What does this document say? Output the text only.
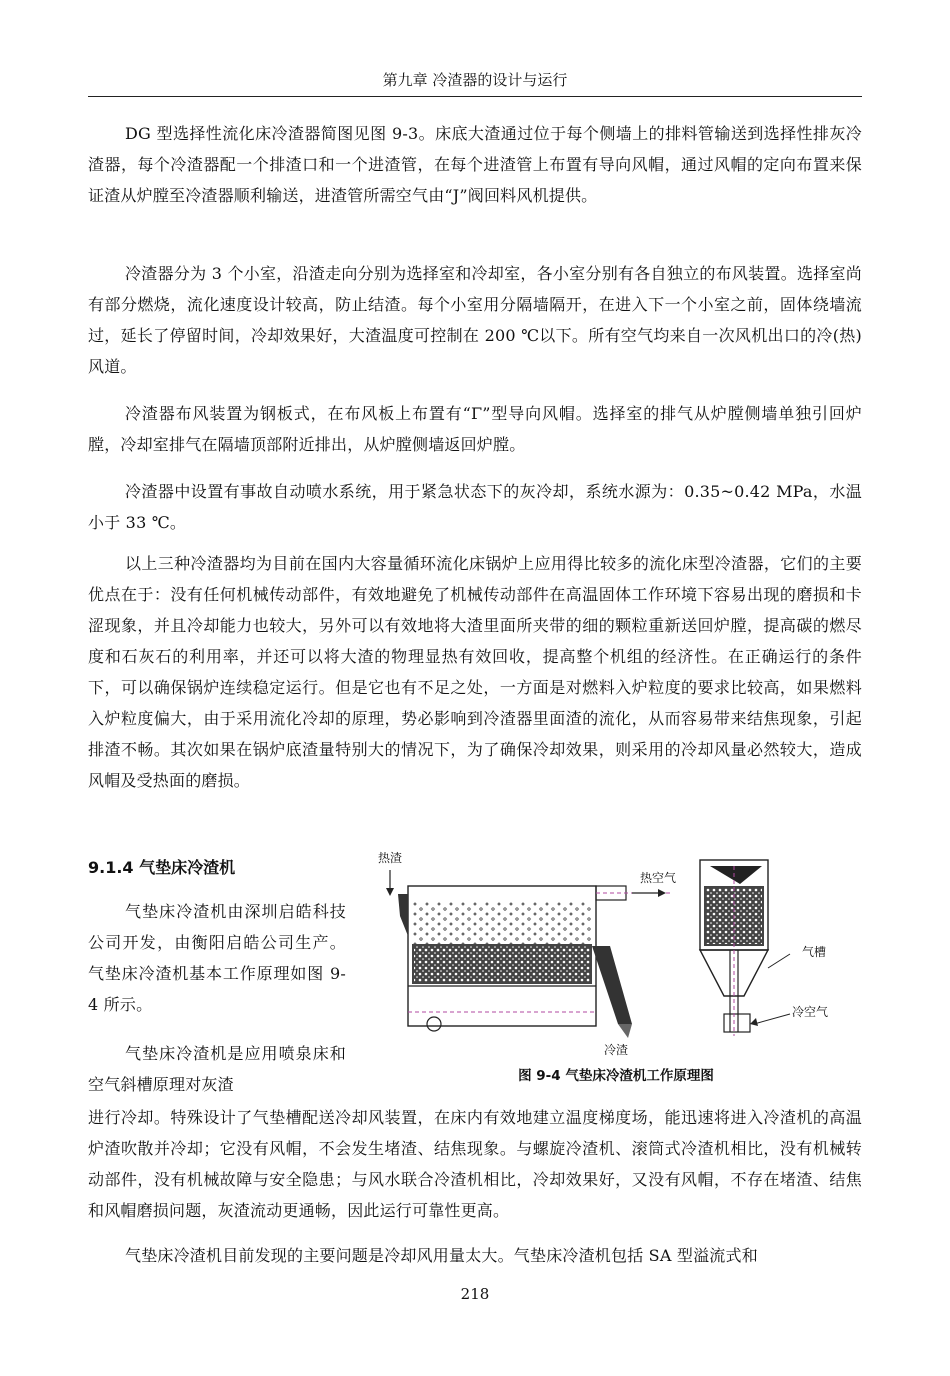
第九章 冷渣器的设计与运行

DG 型选择性流化床冷渣器简图见图 9-3。床底大渣通过位于每个侧墙上的排料管输送到选择性排灰冷渣器，每个冷渣器配一个排渣口和一个进渣管，在每个进渣管上布置有导向风帽，通过风帽的定向布置来保证渣从炉膛至冷渣器顺利输送，进渣管所需空气由“J”阀回料风机提供。

冷渣器分为 3 个小室，沿渣走向分别为选择室和冷却室，各小室分别有各自独立的布风装置。选择室尚有部分燃烧，流化速度设计较高，防止结渣。每个小室用分隔墙隔开，在进入下一个小室之前，固体绕墙流过，延长了停留时间，冷却效果好，大渣温度可控制在 200 ℃以下。所有空气均来自一次风机出口的冷(热)风道。

冷渣器布风装置为钢板式，在布风板上布置有“Γ”型导向风帽。选择室的排气从炉膛侧墙单独引回炉膛，冷却室排气在隔墙顶部附近排出，从炉膛侧墙返回炉膛。

冷渣器中设置有事故自动喷水系统，用于紧急状态下的灰冷却，系统水源为：0.35~0.42 MPa，水温小于 33 ℃。

以上三种冷渣器均为目前在国内大容量循环流化床锅炉上应用得比较多的流化床型冷渣器，它们的主要优点在于：没有任何机械传动部件，有效地避免了机械传动部件在高温固体工作环境下容易出现的磨损和卡涩现象，并且冷却能力也较大，另外可以有效地将大渣里面所夹带的细的颗粒重新送回炉膛，提高碳的燃尽度和石灰石的利用率，并还可以将大渣的物理显热有效回收，提高整个机组的经济性。在正确运行的条件下，可以确保锅炉连续稳定运行。但是它也有不足之处，一方面是对燃料入炉粒度的要求比较高，如果燃料入炉粒度偏大，由于采用流化冷却的原理，势必影响到冷渣器里面渣的流化，从而容易带来结焦现象，引起排渣不畅。其次如果在锅炉底渣量特别大的情况下，为了确保冷却效果，则采用的冷却风量必然较大，造成风帽及受热面的磨损。

9.1.4 气垫床冷渣机

气垫床冷渣机由深圳启皓科技公司开发，由衡阳启皓公司生产。气垫床冷渣机基本工作原理如图 9-4 所示。

气垫床冷渣机是应用喷泉床和空气斜槽原理对灰渣

进行冷却。特殊设计了气垫槽配送冷却风装置，在床内有效地建立温度梯度场，能迅速将进入冷渣机的高温炉渣吹散并冷却；它没有风帽，不会发生堵渣、结焦现象。与螺旋冷渣机、滚筒式冷渣机相比，没有机械转动部件，没有机械故障与安全隐患；与风水联合冷渣机相比，冷却效果好，又没有风帽，不存在堵渣、结焦和风帽磨损问题，灰渣流动更通畅，因此运行可靠性更高。

气垫床冷渣机目前发现的主要问题是冷却风用量太大。气垫床冷渣机包括 SA 型溢流式和

热渣
热空气
冷渣
气槽
冷空气
图 9-4 气垫床冷渣机工作原理图
218
